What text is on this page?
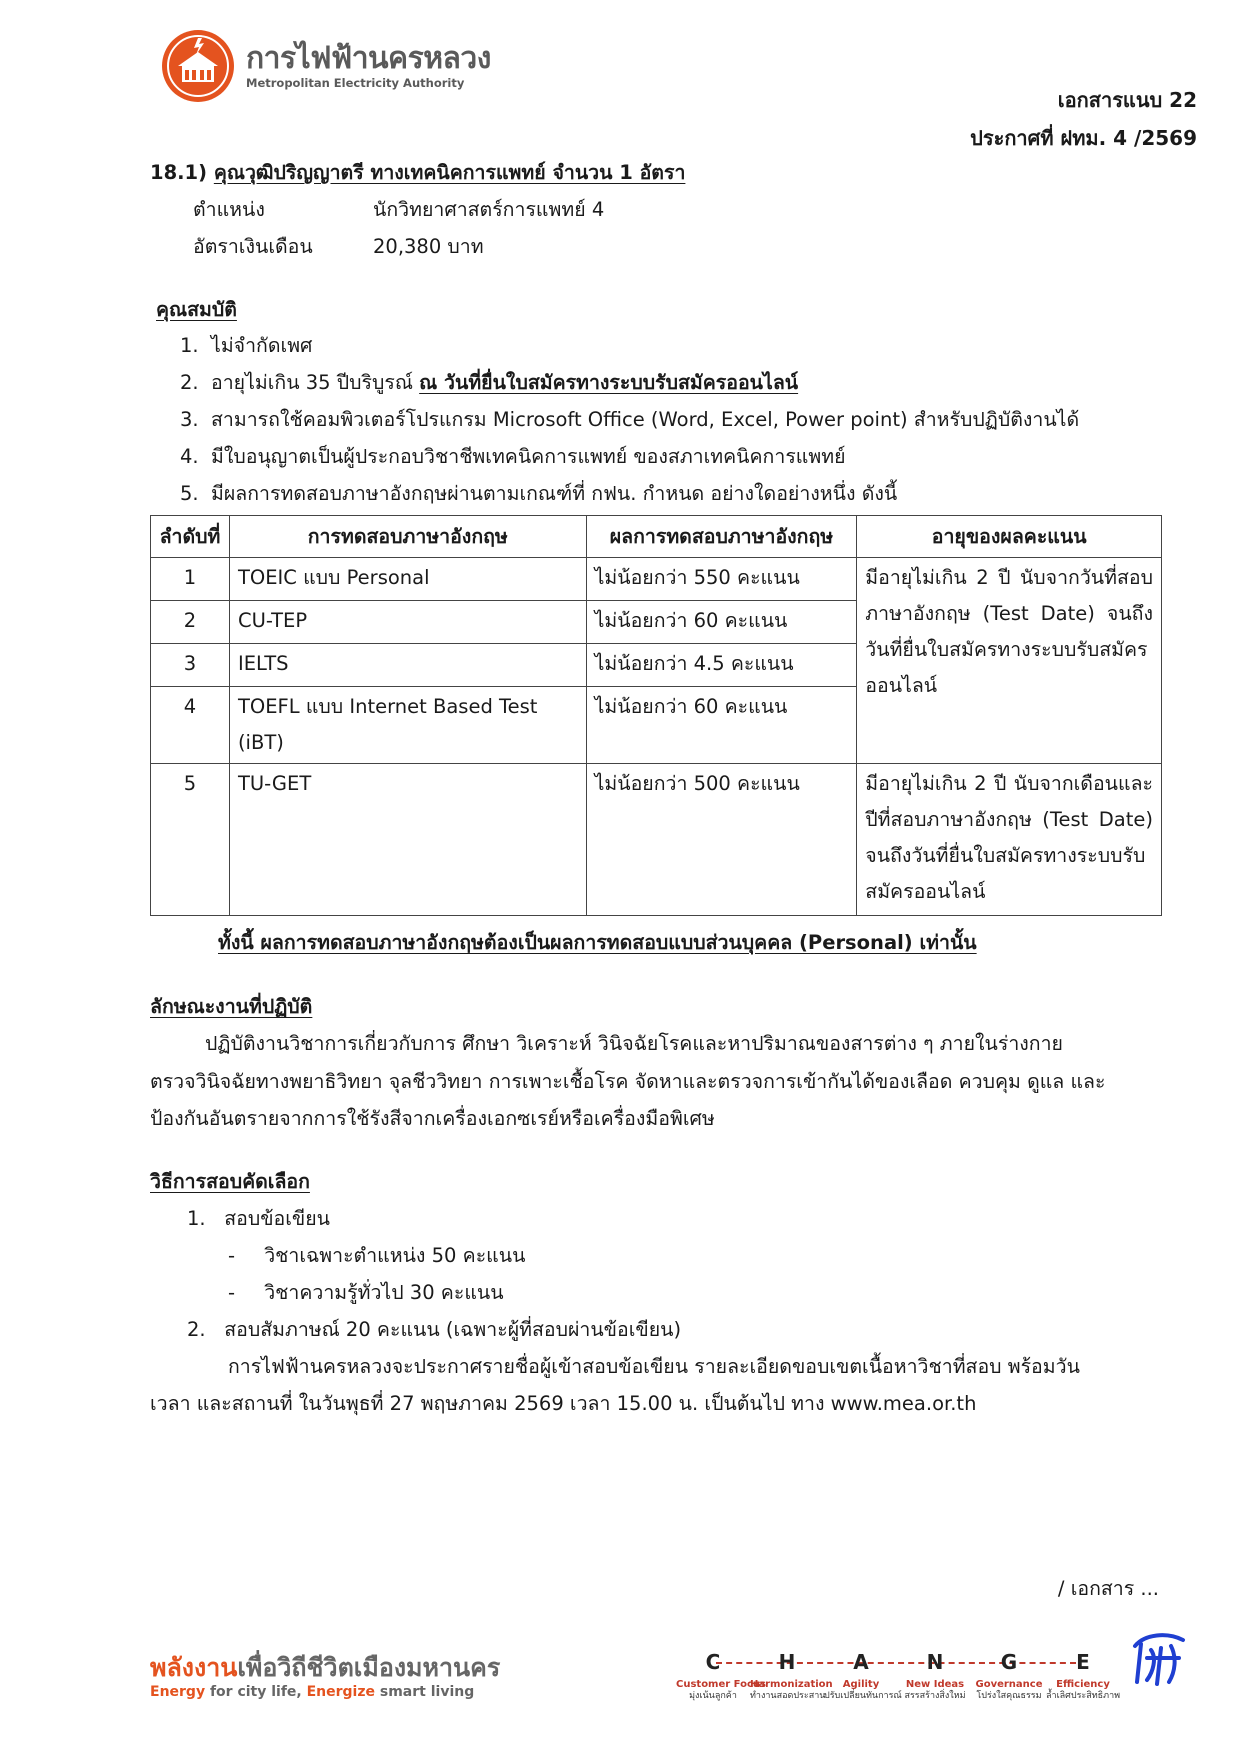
การไฟฟ้านครหลวง
Metropolitan Electricity Authority
เอกสารแนบ 22
ประกาศที่ ฝทม. 4 /2569
18.1) คุณวุฒิปริญญาตรี ทางเทคนิคการแพทย์ จำนวน 1 อัตรา
ตำแหน่ง	นักวิทยาศาสตร์การแพทย์ 4
อัตราเงินเดือน	20,380 บาท
คุณสมบัติ
1. ไม่จำกัดเพศ
2. อายุไม่เกิน 35 ปีบริบูรณ์ ณ วันที่ยื่นใบสมัครทางระบบรับสมัครออนไลน์
3. สามารถใช้คอมพิวเตอร์โปรแกรม Microsoft Office (Word, Excel, Power point) สำหรับปฏิบัติงานได้
4. มีใบอนุญาตเป็นผู้ประกอบวิชาชีพเทคนิคการแพทย์ ของสภาเทคนิคการแพทย์
5. มีผลการทดสอบภาษาอังกฤษผ่านตามเกณฑ์ที่ กฟน. กำหนด อย่างใดอย่างหนึ่ง ดังนี้
ลำดับที่	การทดสอบภาษาอังกฤษ	ผลการทดสอบภาษาอังกฤษ	อายุของผลคะแนน
1	TOEIC แบบ Personal	ไม่น้อยกว่า 550 คะแนน	มีอายุไม่เกิน 2 ปี นับจากวันที่สอบภาษาอังกฤษ (Test Date) จนถึงวันที่ยื่นใบสมัครทางระบบรับสมัครออนไลน์
2	CU-TEP	ไม่น้อยกว่า 60 คะแนน	
3	IELTS	ไม่น้อยกว่า 4.5 คะแนน	
4	TOEFL แบบ Internet Based Test (iBT)	ไม่น้อยกว่า 60 คะแนน	
5	TU-GET	ไม่น้อยกว่า 500 คะแนน	มีอายุไม่เกิน 2 ปี นับจากเดือนและปีที่สอบภาษาอังกฤษ (Test Date) จนถึงวันที่ยื่นใบสมัครทางระบบรับสมัครออนไลน์
ทั้งนี้ ผลการทดสอบภาษาอังกฤษต้องเป็นผลการทดสอบแบบส่วนบุคคล (Personal) เท่านั้น
ลักษณะงานที่ปฏิบัติ
ปฏิบัติงานวิชาการเกี่ยวกับการ ศึกษา วิเคราะห์ วินิจฉัยโรคและหาปริมาณของสารต่าง ๆ ภายในร่างกาย
ตรวจวินิจฉัยทางพยาธิวิทยา จุลชีววิทยา การเพาะเชื้อโรค จัดหาและตรวจการเข้ากันได้ของเลือด ควบคุม ดูแล และ
ป้องกันอันตรายจากการใช้รังสีจากเครื่องเอกซเรย์หรือเครื่องมือพิเศษ
วิธีการสอบคัดเลือก
1. สอบข้อเขียน
- วิชาเฉพาะตำแหน่ง 50 คะแนน
- วิชาความรู้ทั่วไป 30 คะแนน
2. สอบสัมภาษณ์ 20 คะแนน (เฉพาะผู้ที่สอบผ่านข้อเขียน)
การไฟฟ้านครหลวงจะประกาศรายชื่อผู้เข้าสอบข้อเขียน รายละเอียดขอบเขตเนื้อหาวิชาที่สอบ พร้อมวัน
เวลา และสถานที่ ในวันพุธที่ 27 พฤษภาคม 2569 เวลา 15.00 น. เป็นต้นไป ทาง www.mea.or.th
/ เอกสาร ...
พลังงานเพื่อวิถีชีวิตเมืองมหานคร
Energy for city life, Energize smart living
C
Customer Focus
มุ่งเน้นลูกค้า
H
Harmonization
ทำงานสอดประสาน
A
Agility
ปรับเปลี่ยนทันการณ์
N
New Ideas
สรรสร้างสิ่งใหม่
G
Governance
โปร่งใสคุณธรรม
E
Efficiency
ล้ำเลิศประสิทธิภาพ
